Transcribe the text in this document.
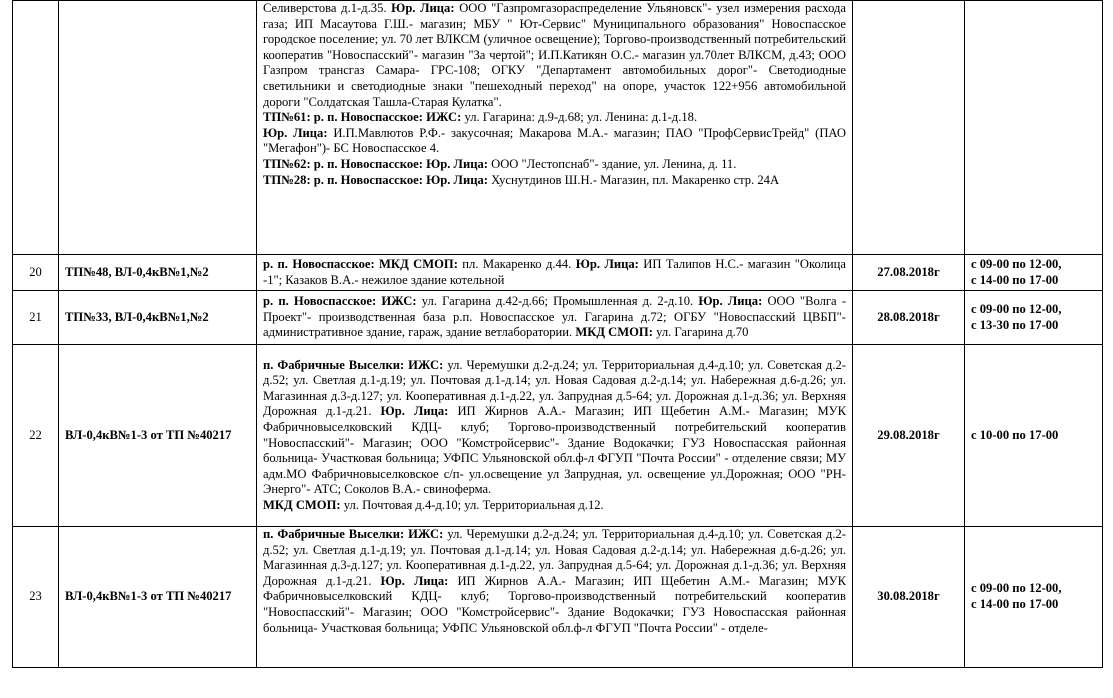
		Селиверстова д.1-д.35. Юр. Лица: ООО "Газпромгазораспределение Ульяновск"- узел измерения расхода газа; ИП Масаутова Г.Ш.- магазин; МБУ " Ют-Сервис" Муниципального образования" Новоспасское городское поселение; ул. 70 лет ВЛКСМ (уличное освещение); Торгово-производственный потребительский кооператив "Новоспасский"- магазин "За чертой"; И.П.Катикян О.С.- магазин ул.70лет ВЛКСМ, д.43; ООО Газпром трансгаз Самара- ГРС-108; ОГКУ "Департамент автомобильных дорог"- Светодиодные светильники и светодиодные знаки "пешеходный переход" на опоре, участок 122+956 автомобильной дороги "Солдатская Ташла-Старая Кулатка".

ТП№61: р. п. Новоспасское: ИЖС: ул. Гагарина: д.9-д.68; ул. Ленина: д.1-д.18.

Юр. Лица: И.П.Мавлютов Р.Ф.- закусочная; Макарова М.А.- магазин; ПАО "ПрофСервисТрейд" (ПАО "Мегафон")- БС Новоспасское 4.

ТП№62: р. п. Новоспасское: Юр. Лица: ООО "Лестопснаб"- здание, ул. Ленина, д. 11.

ТП№28: р. п. Новоспасское: Юр. Лица: Хуснутдинов Ш.Н.- Магазин, пл. Макаренко стр. 24А		

20	ТП№48, ВЛ-0,4кВ№1,№2	р. п. Новоспасское: МКД СМОП: пл. Макаренко д.44. Юр. Лица: ИП Талипов Н.С.- магазин "Околица -1"; Казаков В.А.- нежилое здание котельной	27.08.2018г	с 09-00 по 12-00,
с 14-00 по 17-00

21	ТП№33, ВЛ-0,4кВ№1,№2	р. п. Новоспасское: ИЖС: ул. Гагарина д.42-д.66; Промышленная д. 2-д.10. Юр. Лица: ООО "Волга - Проект"- производственная база р.п. Новоспасское ул. Гагарина д.72; ОГБУ "Новоспасский ЦВБП"- административное здание, гараж, здание ветлаборатории. МКД СМОП: ул. Гагарина д.70	28.08.2018г	с 09-00 по 12-00,
с 13-30 по 17-00

22	ВЛ-0,4кВ№1-3 от ТП №40217	п. Фабричные Выселки: ИЖС: ул. Черемушки д.2-д.24; ул. Территориальная д.4-д.10; ул. Советская д.2-д.52; ул. Светлая д.1-д.19; ул. Почтовая д.1-д.14; ул. Новая Садовая д.2-д.14; ул. Набережная д.6-д.26; ул. Магазинная д.3-д.127; ул. Кооперативная д.1-д.22, ул. Запрудная д.5-64; ул. Дорожная д.1-д.36; ул. Верхняя Дорожная д.1-д.21. Юр. Лица: ИП Жирнов А.А.- Магазин; ИП Щебетин А.М.- Магазин; МУК Фабричновыселковский КДЦ- клуб; Торгово-производственный потребительский кооператив "Новоспасский"- Магазин; ООО "Комстройсервис"- Здание Водокачки; ГУЗ Новоспасская районная больница- Участковая больница; УФПС Ульяновской обл.ф-л ФГУП "Почта России" - отделение связи; МУ адм.МО Фабричновыселковское с/п- ул.освещение ул Запрудная, ул. освещение ул.Дорожная; ООО "РН-Энерго"- АТС; Соколов В.А.- свиноферма.

МКД СМОП: ул. Почтовая д.4-д.10; ул. Территориальная д.12.	29.08.2018г	с 10-00 по 17-00

23	ВЛ-0,4кВ№1-3 от ТП №40217	п. Фабричные Выселки: ИЖС: ул. Черемушки д.2-д.24; ул. Территориальная д.4-д.10; ул. Советская д.2-д.52; ул. Светлая д.1-д.19; ул. Почтовая д.1-д.14; ул. Новая Садовая д.2-д.14; ул. Набережная д.6-д.26; ул. Магазинная д.3-д.127; ул. Кооперативная д.1-д.22, ул. Запрудная д.5-64; ул. Дорожная д.1-д.36; ул. Верхняя Дорожная д.1-д.21. Юр. Лица: ИП Жирнов А.А.- Магазин; ИП Щебетин А.М.- Магазин; МУК Фабричновыселковский КДЦ- клуб; Торгово-производственный потребительский кооператив "Новоспасский"- Магазин; ООО "Комстройсервис"- Здание Водокачки; ГУЗ Новоспасская районная больница- Участковая больница; УФПС Ульяновской обл.ф-л ФГУП "Почта России" - отделе-	30.08.2018г	с 09-00 по 12-00,
с 14-00 по 17-00
